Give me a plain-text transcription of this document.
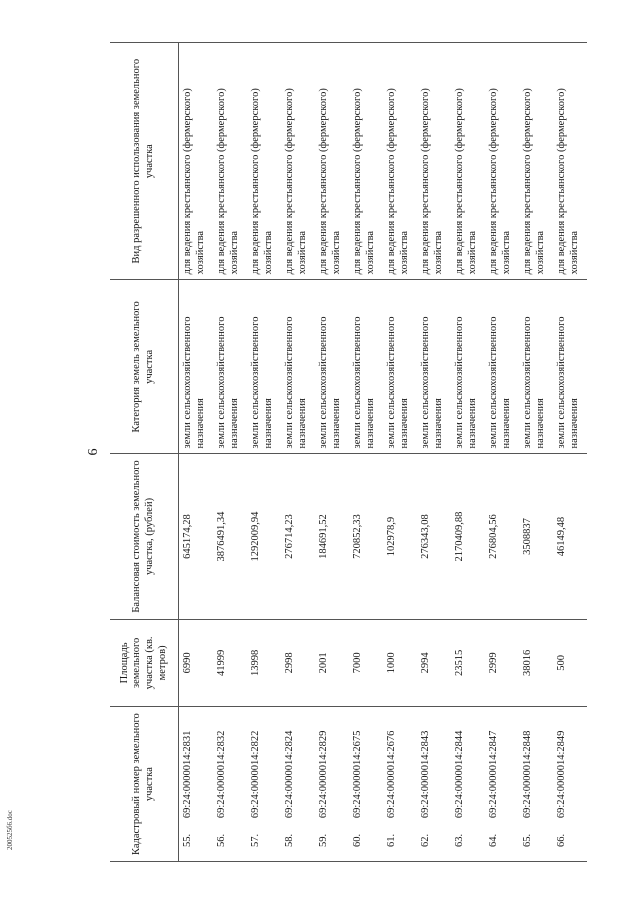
6
Кадастровый номер земельного участка	Площадь земельного участка (кв. метров)	Балансовая стоимость земельного участка, (рублей)	Категория земель земельного участка	Вид разрешенного использования земельного участка
55.      69:24:0000014:2831	6990	645174,28	земли сельскохозяйственного назначения	для ведения крестьянского (фермерского) хозяйства
56.      69:24:0000014:2832	41999	3876491,34	земли сельскохозяйственного назначения	для ведения крестьянского (фермерского) хозяйства
57.      69:24:0000014:2822	13998	1292009,94	земли сельскохозяйственного назначения	для ведения крестьянского (фермерского) хозяйства
58.      69:24:0000014:2824	2998	276714,23	земли сельскохозяйственного назначения	для ведения крестьянского (фермерского) хозяйства
59.      69:24:0000014:2829	2001	184691,52	земли сельскохозяйственного назначения	для ведения крестьянского (фермерского) хозяйства
60.      69:24:0000014:2675	7000	720852,33	земли сельскохозяйственного назначения	для ведения крестьянского (фермерского) хозяйства
61.      69:24:0000014:2676	1000	102978,9	земли сельскохозяйственного назначения	для ведения крестьянского (фермерского) хозяйства
62.      69:24:0000014:2843	2994	276343,08	земли сельскохозяйственного назначения	для ведения крестьянского (фермерского) хозяйства
63.      69:24:0000014:2844	23515	2170409,88	земли сельскохозяйственного назначения	для ведения крестьянского (фермерского) хозяйства
64.      69:24:0000014:2847	2999	276804,56	земли сельскохозяйственного назначения	для ведения крестьянского (фермерского) хозяйства
65.      69:24:0000014:2848	38016	3508837	земли сельскохозяйственного назначения	для ведения крестьянского (фермерского) хозяйства
66.      69:24:0000014:2849	500	46149,48	земли сельскохозяйственного назначения	для ведения крестьянского (фермерского) хозяйства
200525б6.doc
